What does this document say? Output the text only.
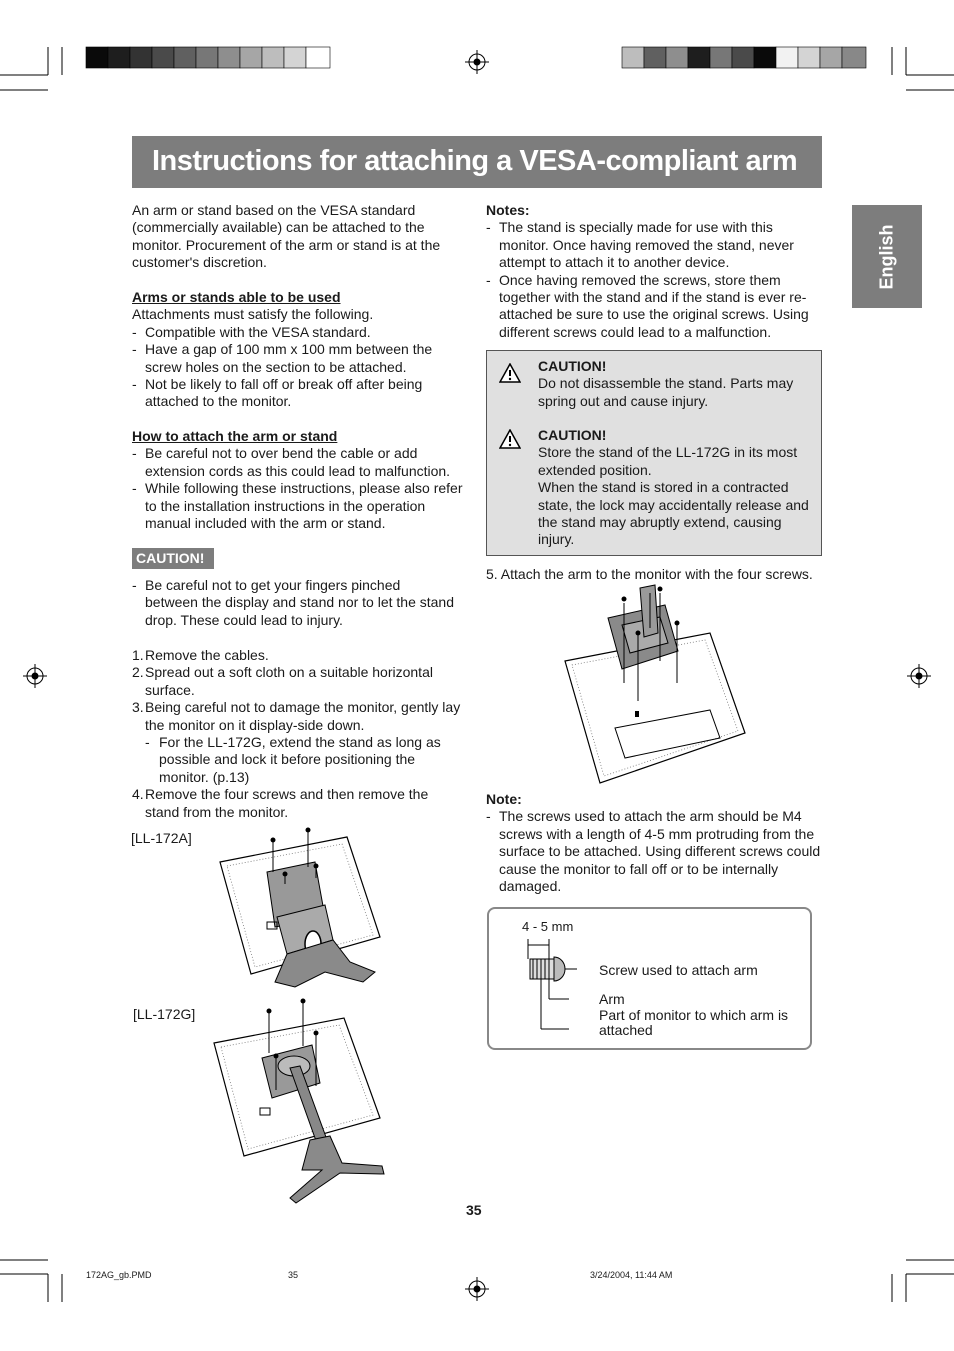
Instructions for attaching a VESA-compliant arm
English

An arm or stand based on the VESA standard (commercially available) can be attached to the monitor. Procurement of the arm or stand is at the customer's discretion.

Arms or stands able to be used

Attachments must satisfy the following.

- Compatible with the VESA standard.
- Have a gap of 100 mm x 100 mm between the screw holes on the section to be attached.
- Not be likely to fall off or break off after being attached to the monitor.

How to attach the arm or stand

- Be careful not to over bend the cable or add extension cords as this could lead to malfunction.
- While following these instructions, please also refer to the installation instructions in the operation manual included with the arm or stand.
CAUTION!
- Be careful not to get your fingers pinched between the display and stand nor to let the stand drop. These could lead to injury.
1. Remove the cables.
2. Spread out a soft cloth on a suitable horizontal surface.
3. Being careful not to damage the monitor, gently lay the monitor on it display-side down.
- For the LL-172G, extend the stand as long as possible and lock it before positioning the monitor. (p.13)
4. Remove the four screws and then remove the stand from the monitor.
[LL-172A]
[LL-172G]

Notes:

- The stand is specially made for use with this monitor. Once having removed the stand, never attempt to attach it to another device.
- Once having removed the screws, store them together with the stand and if the stand is ever re-attached be sure to use the original screws. Using different screws could lead to a malfunction.

CAUTION!

Do not disassemble the stand. Parts may spring out and cause injury.

CAUTION!

Store the stand of the LL-172G in its most extended position.

When the stand is stored in a contracted state, the lock may accidentally release and the stand may abruptly extend, causing injury.

5. Attach the arm to the monitor with the four screws.

Note:

- The screws used to attach the arm should be M4 screws with a length of 4-5 mm protruding from the surface to be attached. Using different screws could cause the monitor to fall off or to be internally damaged.
4 - 5 mm
Screw used to attach arm
Arm
Part of monitor to which arm is attached
35
172AG_gb.PMD	35	3/24/2004, 11:44 AM
